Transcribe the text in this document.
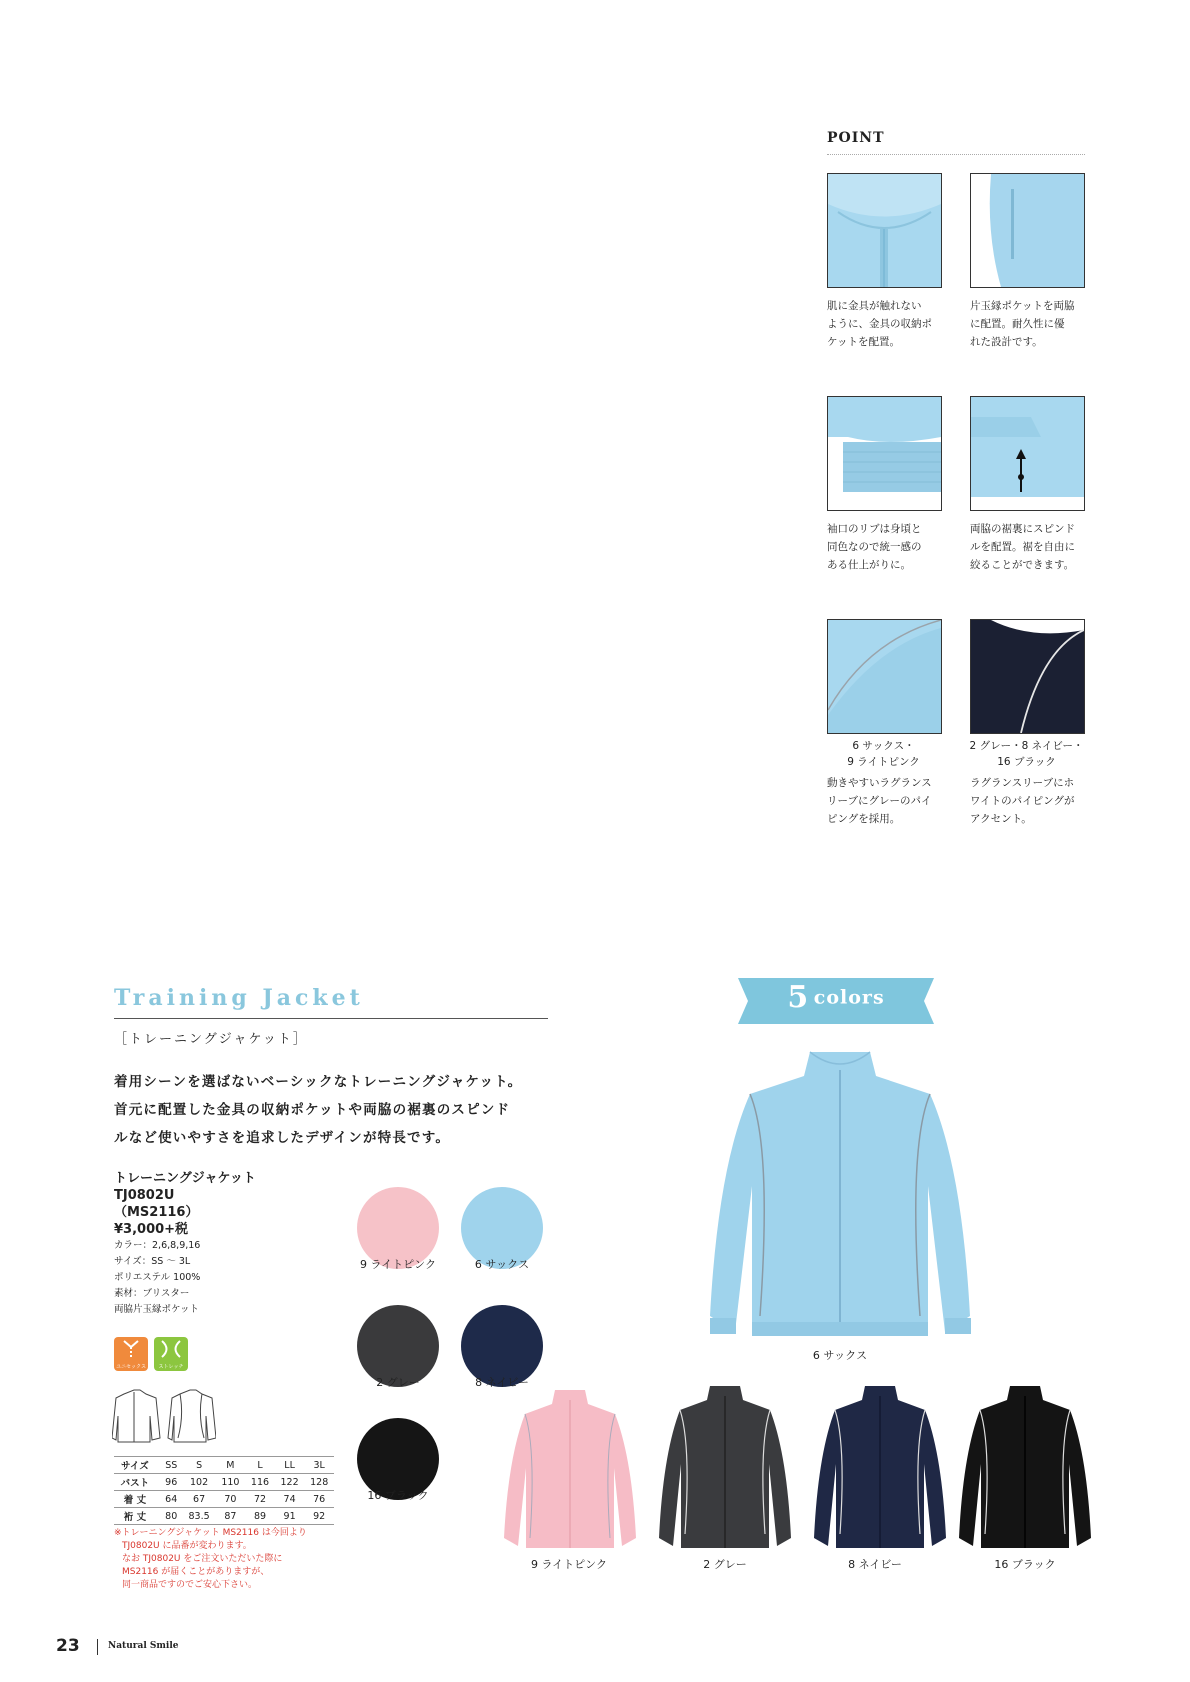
POINT
肌に金具が触れない
ように、金具の収納ポ
ケットを配置。
片玉縁ポケットを両脇
に配置。耐久性に優
れた設計です。
袖口のリブは身頃と
同色なので統一感の
ある仕上がりに。
両脇の裾裏にスピンド
ルを配置。裾を自由に
絞ることができます。
6 サックス・
9 ライトピンク
2 グレー・8 ネイビー・
16 ブラック
動きやすいラグランス
リーブにグレーのパイ
ピングを採用。
ラグランスリーブにホ
ワイトのパイピングが
アクセント。
Training Jacket
［トレーニングジャケット］
着用シーンを選ばないベーシックなトレーニングジャケット。
首元に配置した金具の収納ポケットや両脇の裾裏のスピンド
ルなど使いやすさを追求したデザインが特長です。
5 colors
トレーニングジャケット
TJ0802U
（MS2116）
¥3,000+税
カラー：2,6,8,9,16
サイズ：SS ～ 3L
ポリエステル 100%
素材：ブリスター
両脇片玉縁ポケット
ユニセックス	ストレッチ
サイズ	SS	S	M	L	LL	3L
バスト	96	102	110	116	122	128
着 丈	64	67	70	72	74	76
裄 丈	80	83.5	87	89	91	92
※トレーニングジャケット MS2116 は今回より
TJ0802U に品番が変わります。
なお TJ0802U をご注文いただいた際に
MS2116 が届くことがありますが、
同一商品ですのでご安心下さい。
9 ライトピンク	6 サックス
2 グレー	8 ネイビー
16 ブラック
6 サックス
9 ライトピンク	2 グレー	8 ネイビー	16 ブラック
23	Natural Smile
